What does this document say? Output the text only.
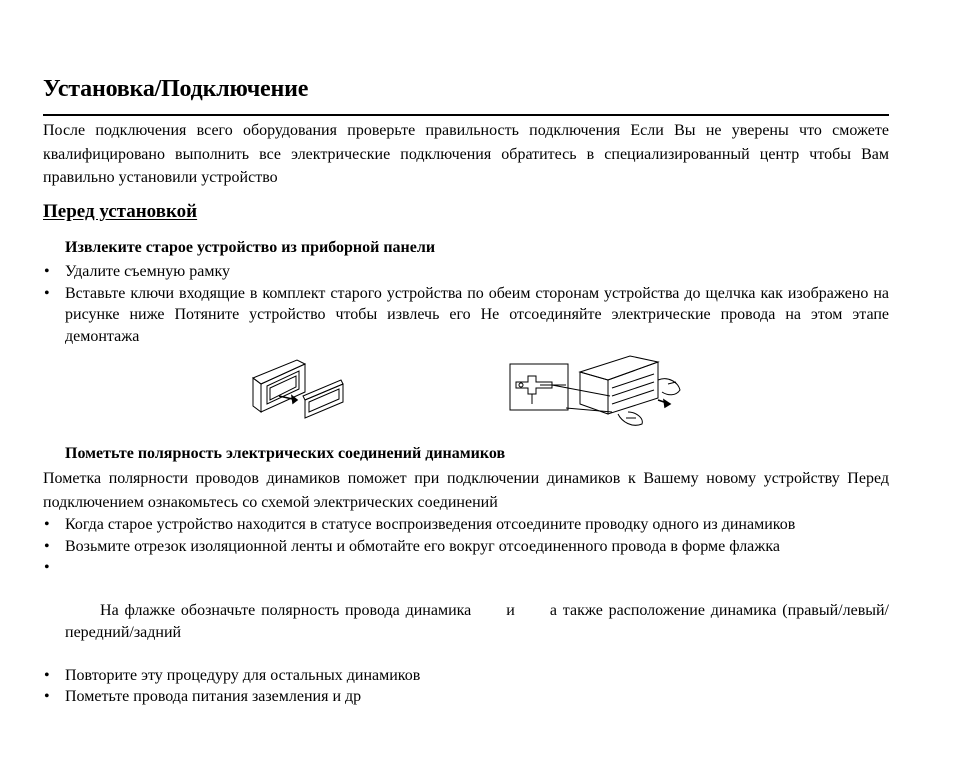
Установка/Подключение

После подключения всего оборудования проверьте правильность подключения Если Вы не уверены что сможете квалифицировано выполнить все электрические подключения обратитесь в специализированный центр чтобы Вам правильно установили устройство

Перед установкой

Извлеките старое устройство из приборной панели

• Удалите съемную рамку
• Вставьте ключи входящие в комплект старого устройства по обеим сторонам устройства до щелчка как изображено на рисунке ниже Потяните устройство чтобы извлечь его Не отсоединяйте электрические провода на этом этапе демонтажа

Пометьте полярность электрических соединений динамиков

Пометка полярности проводов динамиков поможет при подключении динамиков к Вашему новому устройству Перед подключением ознакомьтесь со схемой электрических соединений

• Когда старое устройство находится в статусе воспроизведения отсоедините проводку одного из динамиков
• Возьмите отрезок изоляционной ленты и обмотайте его вокруг отсоединенного провода в форме флажка

•

На флажке обозначьте полярность провода динамика      и      а также расположение динамика (правый/левый/передний/задний

• Повторите эту процедуру для остальных динамиков
• Пометьте провода питания заземления и др
